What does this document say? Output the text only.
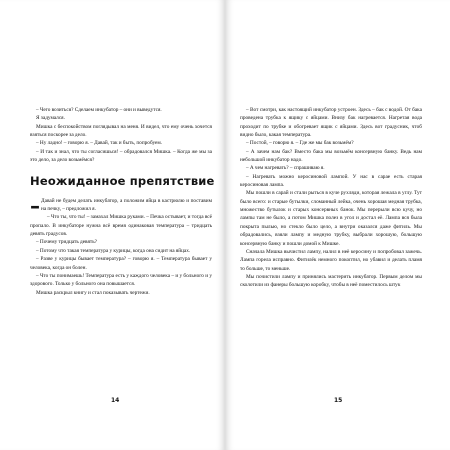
– Чего возиться? Сделаем инкубатор – они и выведутся.

Я задумался.

Мишка с беспокойством поглядывал на меня. И видел, что ему очень хочется взяться поскорее за дело.

– Ну ладно! – говорю я. – Давай, так и быть, попробуем.

– И так и знал, что ты согласишься! – обрадовался Мишка. – Когда же мы за это дело, за дело возьмёмся?

Неожиданное препятствие

– Давай не будем делать инкубатор, а положим яйца в кастрюлю и поставим на печку, – предложил я.

– Что ты, что ты! – замахал Мишка руками. – Печка остывает, и тогда всё пропало. В инкубаторе нужна всё время одинаковая температура – тридцать девять градусов.

– Почему тридцать девять?

– Потому что такая температура у курицы, когда она сидит на яйцах.

– Разве у курицы бывает температура? – говорю я. – Температура бывает у человека, когда он болен.

– Что ты понимаешь! Температура есть у каждого человека – и у больного и у здорового. Только у больного она повышается.

Мишка раскрыл книгу и стал показывать чертежи.

14

– Вот смотри, как настоящий инкубатор устроен. Здесь – бак с водой. От бака проведена трубка к ящику с яйцами. Внизу бак нагревается. Нагретая вода проходит по трубке и обогревает ящик с яйцами. Здесь вот градусник, чтоб видно было, какая температура.

– Постой, – говорю я. – Где же мы бак возьмём?

– А зачем нам бак? Вместо бака мы возьмём консервную банку. Ведь нам небольшой инкубатор надо.

– А чем нагревать? – спрашиваю я.

– Нагревать можно керосиновой лампой. У нас в сарае есть старая керосиновая лампа.

Мы пошли в сарай и стали рыться в куче рухляди, которая лежала в углу. Тут было всего: и старые бутылки, сломанный лейка, очень хорошая медная трубка, множество бутылок и старых консервных банок. Мы перерыли всю кучу, но лампы там не было, а потом Мишка полез в угол и достал её. Лампа вся была покрыта пылью, но стекло было цело, а внутри оказался даже фитиль. Мы обрадовались, взяли лампу и медную трубку, выбрали хорошую, большую консервную банку и пошли домой к Мишке.

Сначала Мишка вычистил лампу, налил в неё керосину и попробовал зажечь. Лампа горела исправно. Фитилёк немного покоптил, но убавил и делать пламя то больше, то меньше.

Мы почистили лампу и принялись мастерить инкубатор. Первым делом мы сколотили из фанеры большую коробку, чтобы в неё поместилось штук

15
